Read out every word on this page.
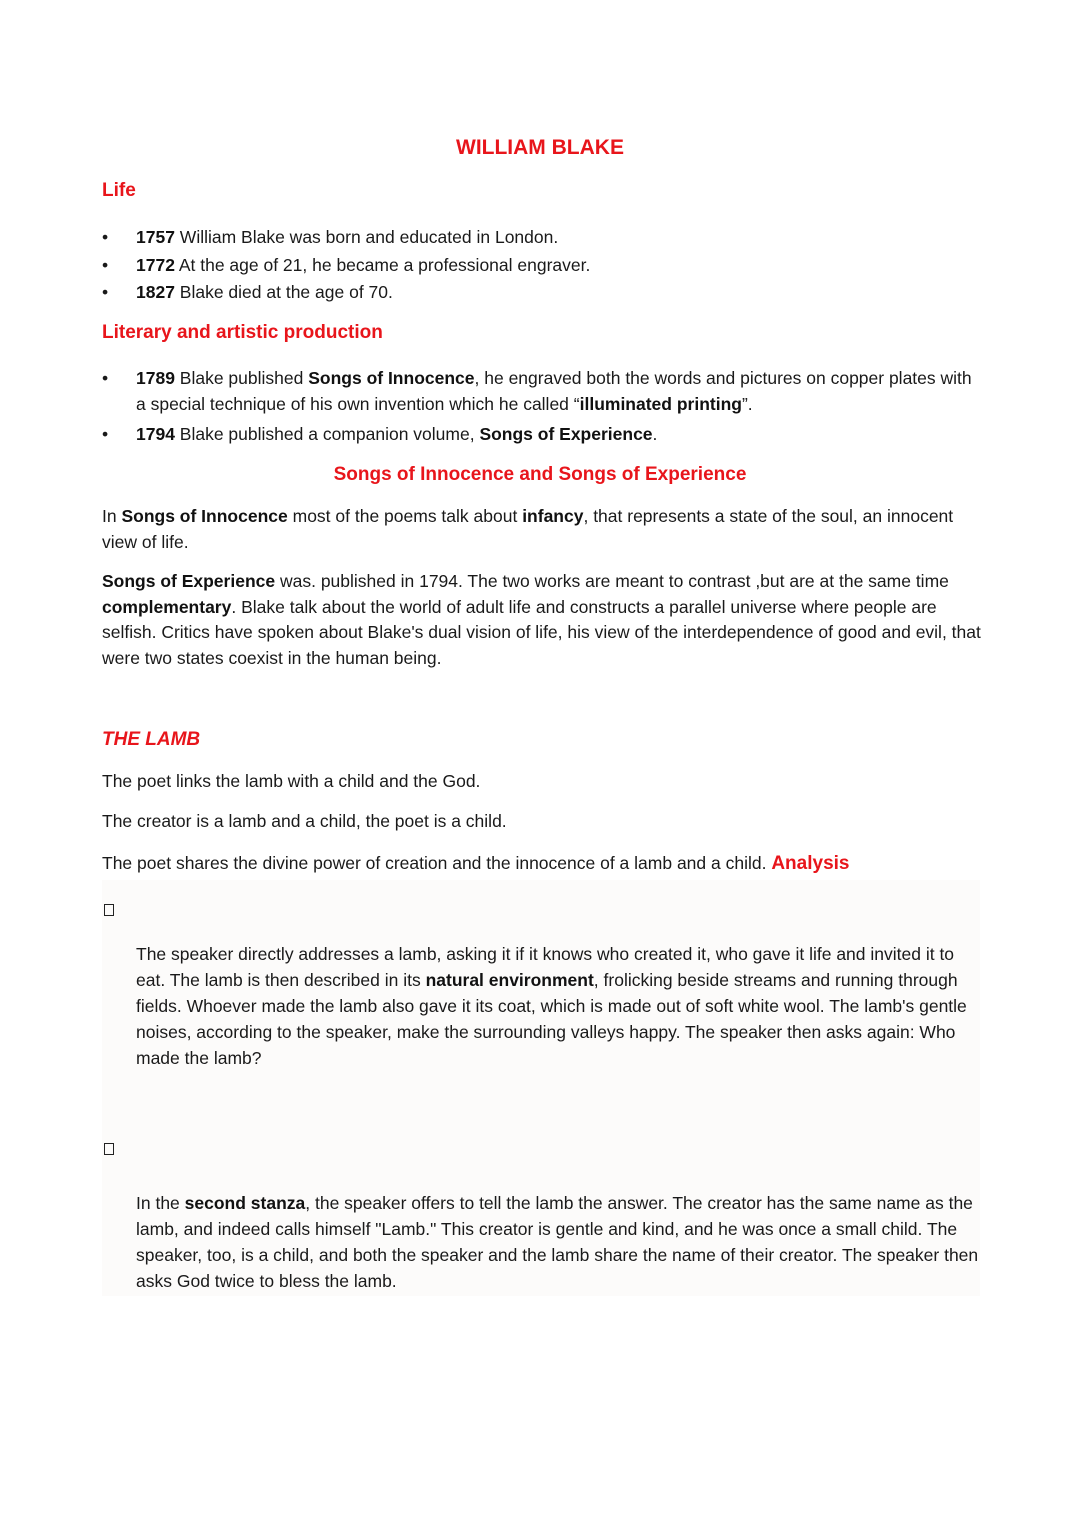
WILLIAM BLAKE
Life
• 1757 William Blake was born and educated in London.
• 1772 At the age of 21, he became a professional engraver.
• 1827 Blake died at the age of 70.
Literary and artistic production
• 1789 Blake published Songs of Innocence, he engraved both the words and pictures on copper plates with a special technique of his own invention which he called “illuminated printing”.
• 1794 Blake published a companion volume, Songs of Experience.
Songs of Innocence and Songs of Experience

In Songs of Innocence most of the poems talk about infancy, that represents a state of the soul, an innocent view of life.

Songs of Experience was. published in 1794. The two works are meant to contrast ,but are at the same time complementary. Blake talk about the world of adult life and constructs a parallel universe where people are selfish. Critics have spoken about Blake's dual vision of life, his view of the interdependence of good and evil, that were two states coexist in the human being.

THE LAMB

The poet links the lamb with a child and the God.

The creator is a lamb and a child, the poet is a child.

The poet shares the divine power of creation and the innocence of a lamb and a child. Analysis

The speaker directly addresses a lamb, asking it if it knows who created it, who gave it life and invited it to eat. The lamb is then described in its natural environment, frolicking beside streams and running through fields. Whoever made the lamb also gave it its coat, which is made out of soft white wool. The lamb's gentle noises, according to the speaker, make the surrounding valleys happy. The speaker then asks again: Who made the lamb?

In the second stanza, the speaker offers to tell the lamb the answer. The creator has the same name as the lamb, and indeed calls himself "Lamb." This creator is gentle and kind, and he was once a small child. The speaker, too, is a child, and both the speaker and the lamb share the name of their creator. The speaker then asks God twice to bless the lamb.
